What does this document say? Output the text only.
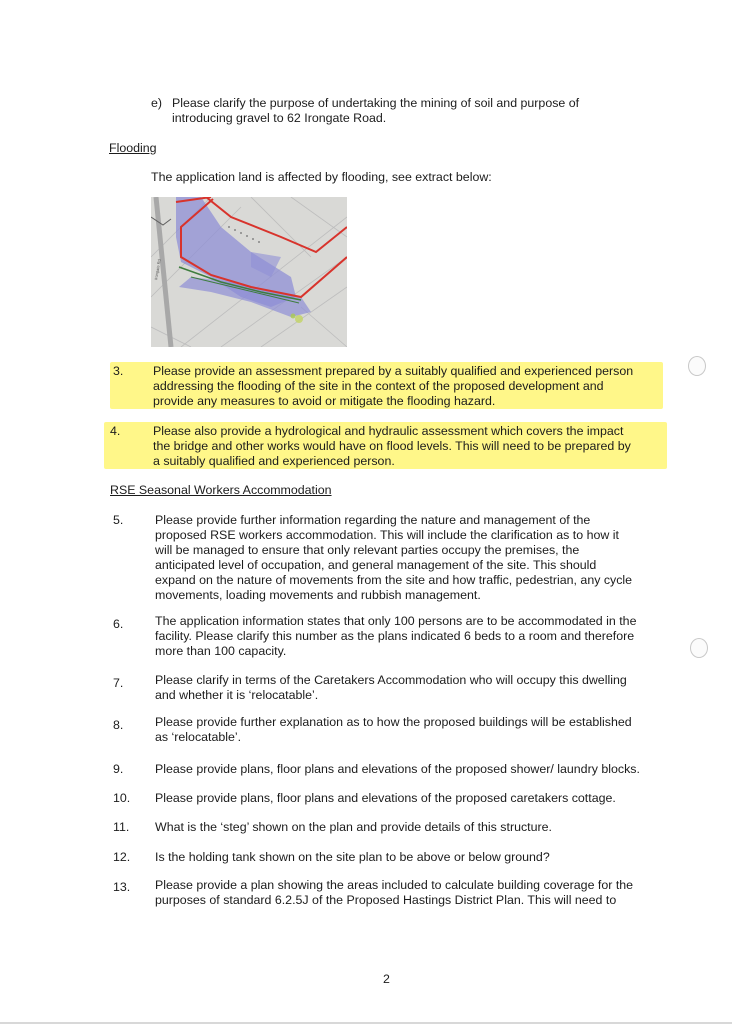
e) Please clarify the purpose of undertaking the mining of soil and purpose of
introducing gravel to 62 Irongate Road.
Flooding
The application land is affected by flooding, see extract below:
Irongate Rd
3. Please provide an assessment prepared by a suitably qualified and experienced person
addressing the flooding of the site in the context of the proposed development and
provide any measures to avoid or mitigate the flooding hazard.
4.	Please also provide a hydrological and hydraulic assessment which covers the impact
the bridge and other works would have on flood levels. This will need to be prepared by
a suitably qualified and experienced person.
RSE Seasonal Workers Accommodation
5.	Please provide further information regarding the nature and management of the
proposed RSE workers accommodation. This will include the clarification as to how it
will be managed to ensure that only relevant parties occupy the premises, the
anticipated level of occupation, and general management of the site. This should
expand on the nature of movements from the site and how traffic, pedestrian, any cycle
movements, loading movements and rubbish management.
6.	The application information states that only 100 persons are to be accommodated in the
facility. Please clarify this number as the plans indicated 6 beds to a room and therefore
more than 100 capacity.
7.	Please clarify in terms of the Caretakers Accommodation who will occupy this dwelling
and whether it is ‘relocatable’.
8.	Please provide further explanation as to how the proposed buildings will be established
as ‘relocatable’.
9.	Please provide plans, floor plans and elevations of the proposed shower/ laundry blocks.
10. Please provide plans, floor plans and elevations of the proposed caretakers cottage.
11. What is the ‘steg’ shown on the plan and provide details of this structure.
12. Is the holding tank shown on the site plan to be above or below ground?
13. Please provide a plan showing the areas included to calculate building coverage for the
purposes of standard 6.2.5J of the Proposed Hastings District Plan. This will need to
2
